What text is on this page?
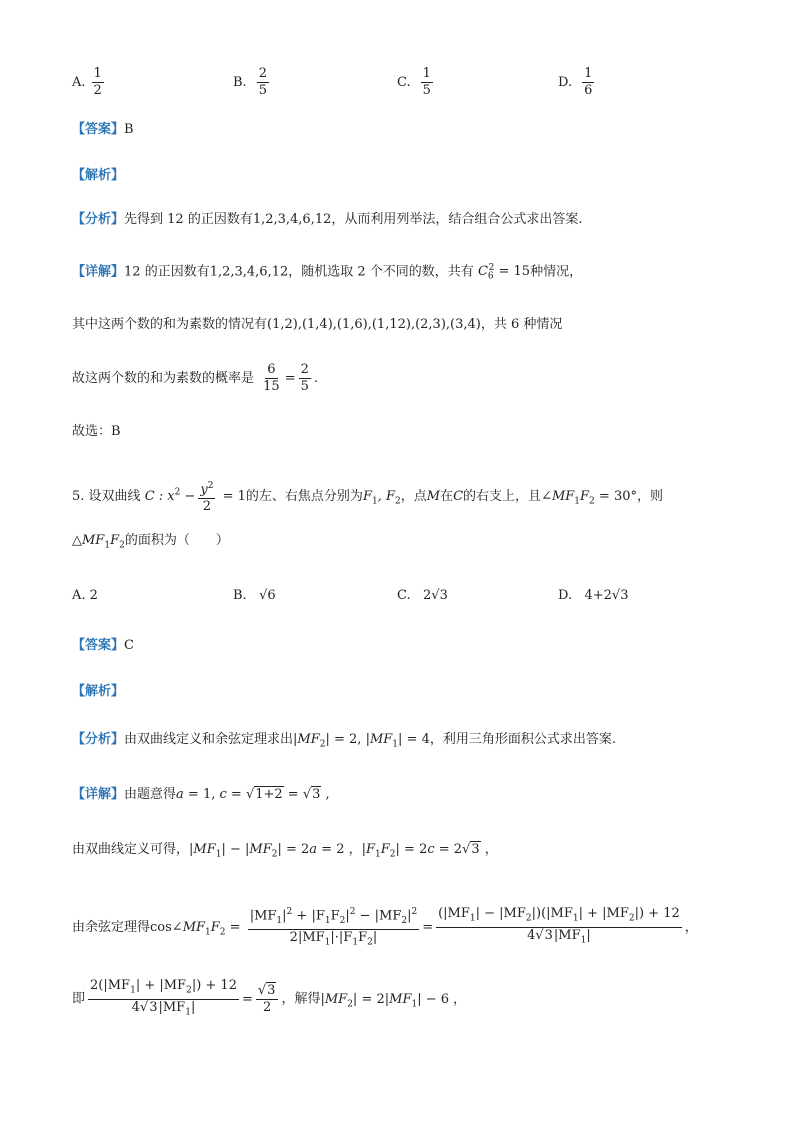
A. $\frac{1}{2}$	B. $\frac{2}{5}$	C. $\frac{1}{5}$	D. $\frac{1}{6}$
【答案】B
【解析】
【分析】先得到 12 的正因数有1,2,3,4,6,12，从而利用列举法，结合组合公式求出答案.
【详解】12 的正因数有1,2,3,4,6,12，随机选取 2 个不同的数，共有 $C_6^2 = 15$种情况，
其中这两个数的和为素数的情况有(1,2),(1,4),(1,6),(1,12),(2,3),(3,4)，共 6 种情况
故这两个数的和为素数的概率是 $\frac{6}{15} = \frac{2}{5}$ .
故选：B
5. 设双曲线 C : $x^2 - \frac{y^2}{2} = 1$的左、右焦点分别为$F_1$, $F_2$，点M在C的右支上，且$\angle MF_1F_2 = 30^\circ$，则
$\triangle MF_1F_2$的面积为（　　）
A.
2	B.
√6	C.
2√3	D.
4+2√3
【答案】C
【解析】
【分析】由双曲线定义和余弦定理求出$|MF_2| = 2$, $|MF_1| = 4$，利用三角形面积公式求出答案.
【详解】由题意得a = 1, c = √1+2 = √3 ,
由双曲线定义可得，$|MF_1| - |MF_2| = 2a = 2$ ，$|F_1F_2| = 2c = 2√3$ ，
由余弦定理得$\cos\angle MF_1F_2 = \frac{|MF_1|^2 + |F_1F_2|^2 - |MF_2|^2}{2|MF_1|\cdot|F_1F_2|} = \frac{(|MF_1| - |MF_2|)(|MF_1| + |MF_2|) + 12}{4√3|MF_1|}$ ，
即 $\frac{2(|MF_1| + |MF_2|) + 12}{4√3|MF_1|} = \frac{√3}{2}$ ，解得$|MF_2| = 2|MF_1| - 6$ ，
